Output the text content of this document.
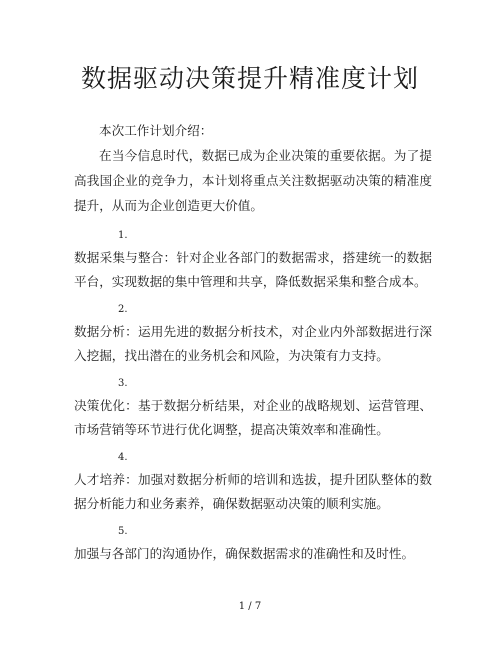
数据驱动决策提升精准度计划

本次工作计划介绍：

在当今信息时代，数据已成为企业决策的重要依据。为了提高我国企业的竞争力，本计划将重点关注数据驱动决策的精准度提升，从而为企业创造更大价值。

1.

数据采集与整合：针对企业各部门的数据需求，搭建统一的数据平台，实现数据的集中管理和共享，降低数据采集和整合成本。

2.

数据分析：运用先进的数据分析技术，对企业内外部数据进行深入挖掘，找出潜在的业务机会和风险，为决策有力支持。

3.

决策优化：基于数据分析结果，对企业的战略规划、运营管理、市场营销等环节进行优化调整，提高决策效率和准确性。

4.

人才培养：加强对数据分析师的培训和选拔，提升团队整体的数据分析能力和业务素养，确保数据驱动决策的顺利实施。

5.

加强与各部门的沟通协作，确保数据需求的准确性和及时性。

1 / 7
